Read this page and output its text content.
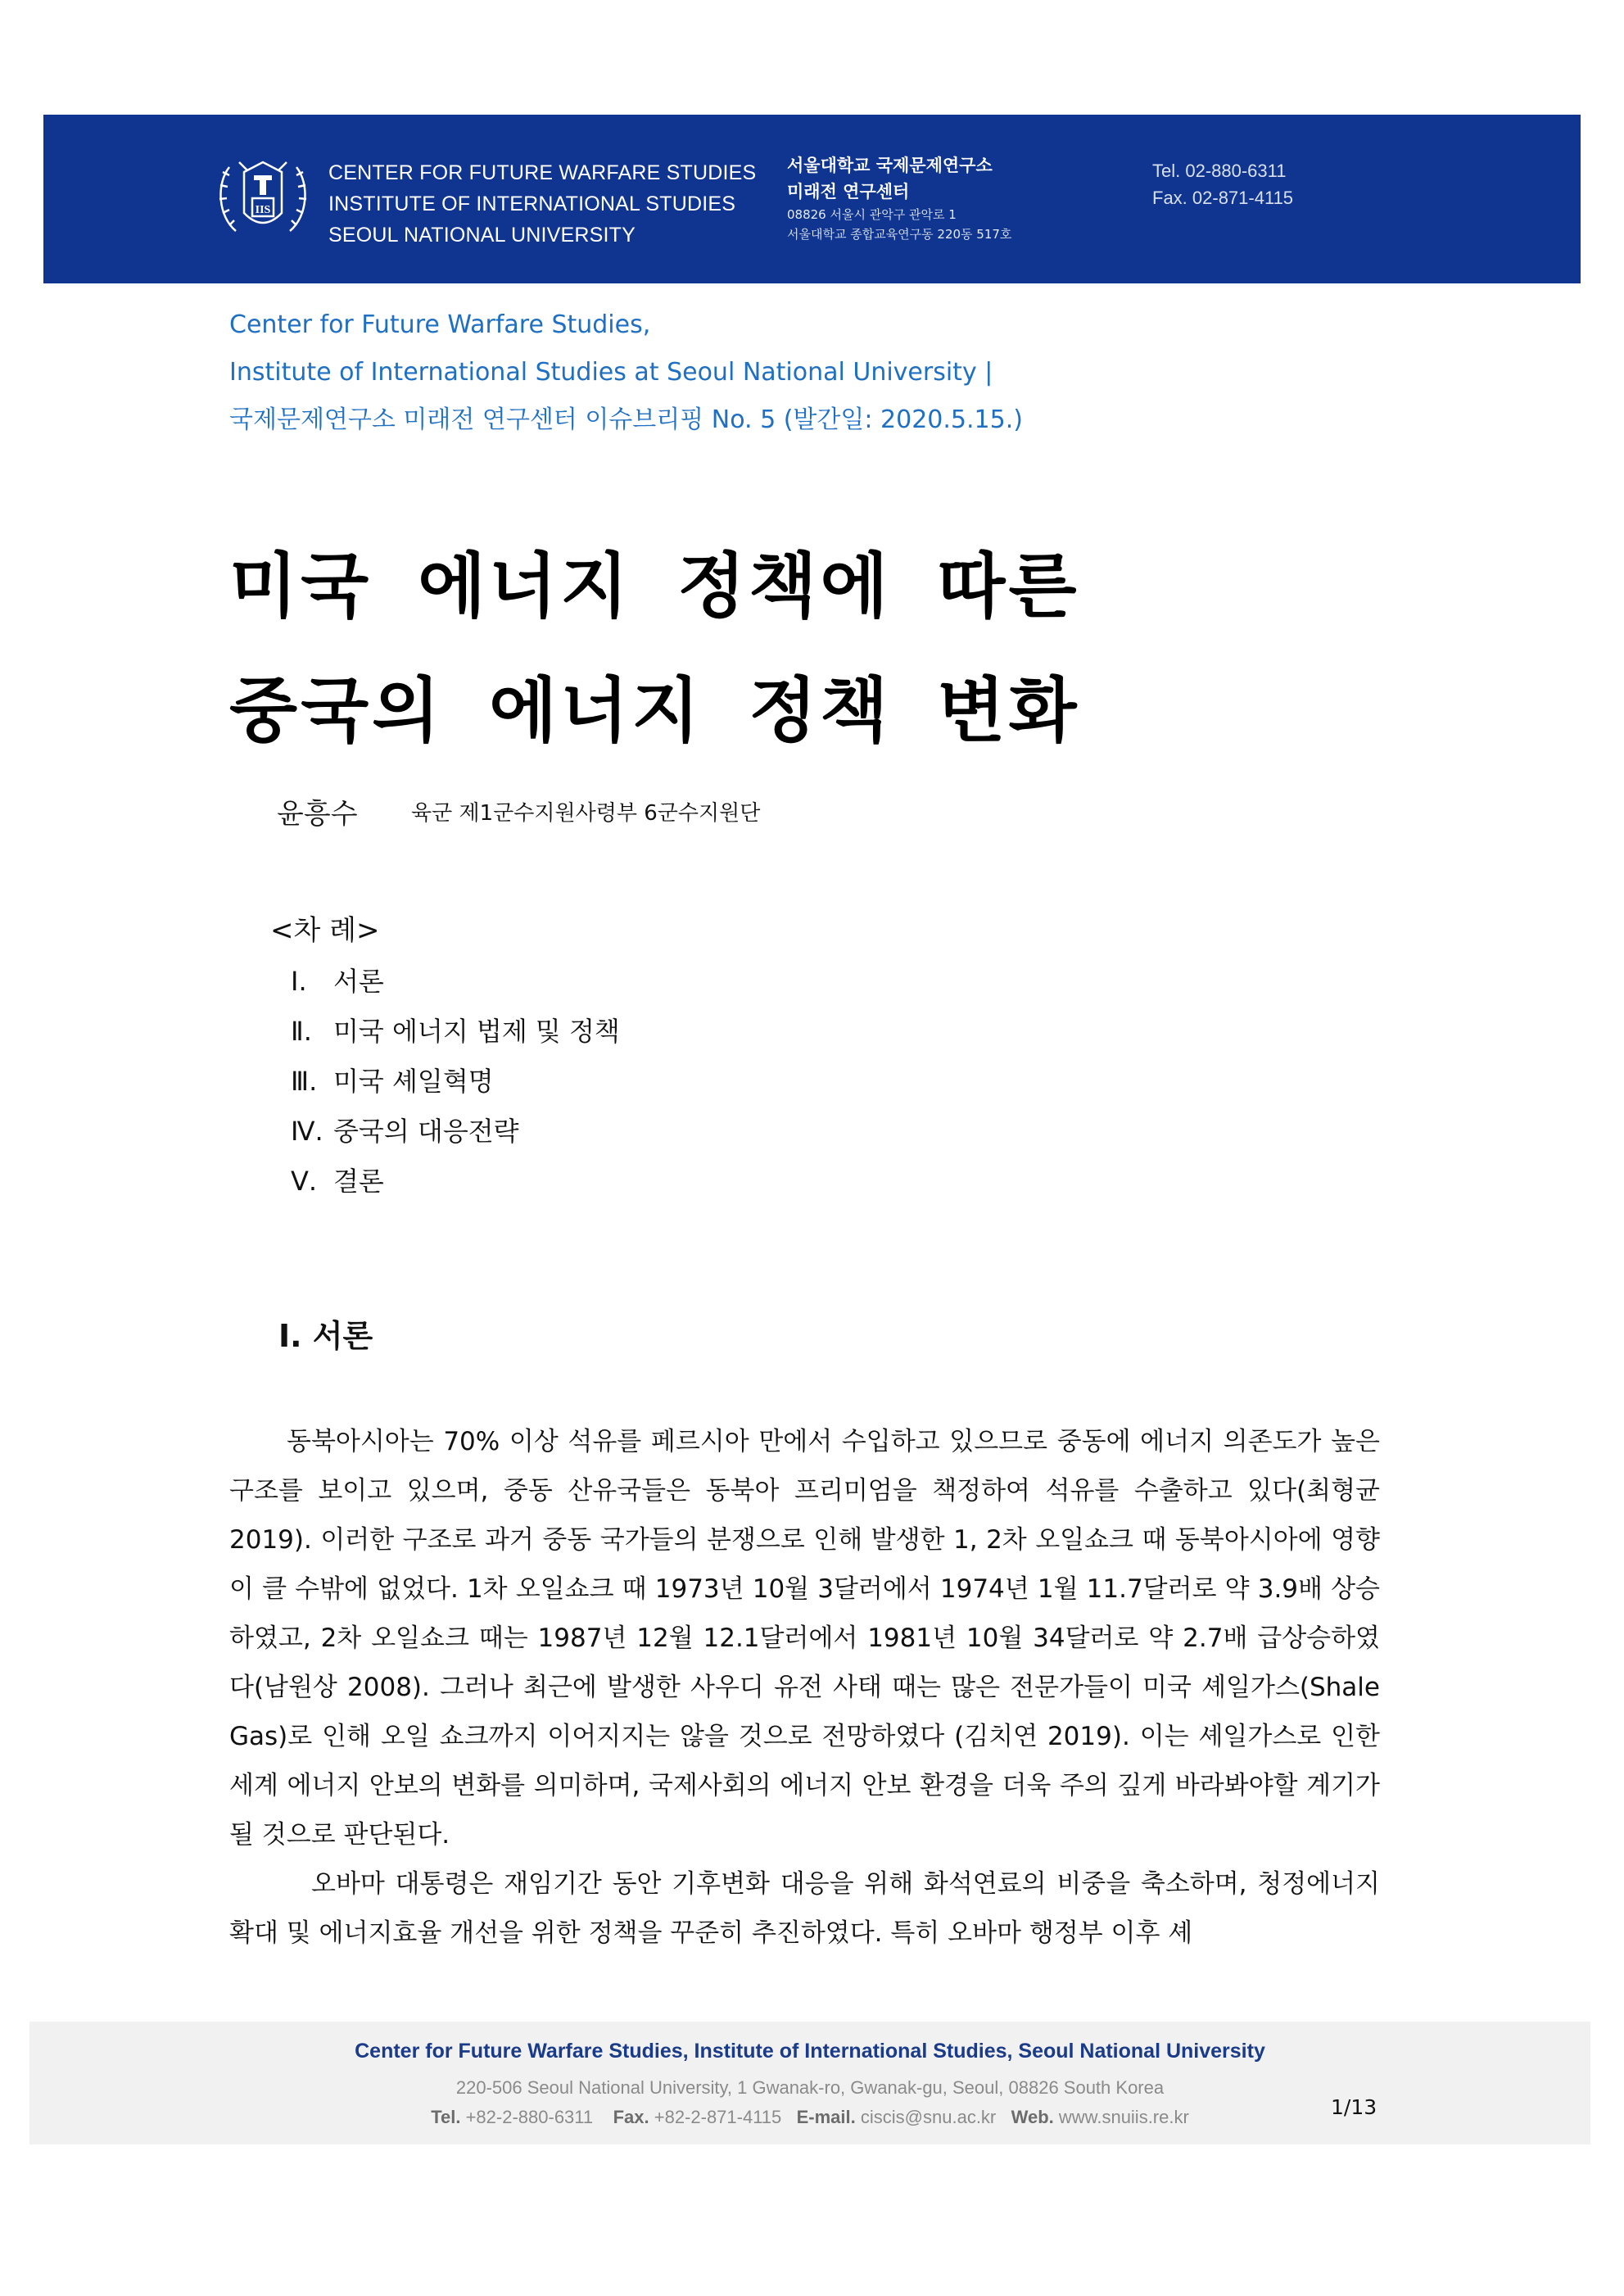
IIS
CENTER FOR FUTURE WARFARE STUDIES
INSTITUTE OF INTERNATIONAL STUDIES
SEOUL NATIONAL UNIVERSITY
서울대학교 국제문제연구소
미래전 연구센터
08826 서울시 관악구 관악로 1
서울대학교 종합교육연구동 220동 517호
Tel. 02-880-6311
Fax. 02-871-4115
Center for Future Warfare Studies,
Institute of International Studies at Seoul National University |
국제문제연구소 미래전 연구센터 이슈브리핑 No. 5 (발간일: 2020.5.15.)
미국 에너지 정책에 따른
중국의 에너지 정책 변화
윤흥수	육군 제1군수지원사령부 6군수지원단
<차 례>
Ⅰ. 서론
Ⅱ. 미국 에너지 법제 및 정책
Ⅲ. 미국 셰일혁명
Ⅳ. 중국의 대응전략
Ⅴ. 결론
Ⅰ. 서론

동북아시아는 70% 이상 석유를 페르시아 만에서 수입하고 있으므로 중동에 에너지 의존도가 높은 구조를 보이고 있으며, 중동 산유국들은 동북아 프리미엄을 책정하여 석유를 수출하고 있다(최형균 2019). 이러한 구조로 과거 중동 국가들의 분쟁으로 인해 발생한 1, 2차 오일쇼크 때 동북아시아에 영향이 클 수밖에 없었다. 1차 오일쇼크 때 1973년 10월 3달러에서 1974년 1월 11.7달러로 약 3.9배 상승하였고, 2차 오일쇼크 때는 1987년 12월 12.1달러에서 1981년 10월 34달러로 약 2.7배 급상승하였다(남원상 2008). 그러나 최근에 발생한 사우디 유전 사태 때는 많은 전문가들이 미국 셰일가스(Shale Gas)로 인해 오일 쇼크까지 이어지지는 않을 것으로 전망하였다 (김치연 2019). 이는 셰일가스로 인한 세계 에너지 안보의 변화를 의미하며, 국제사회의 에너지 안보 환경을 더욱 주의 깊게 바라봐야할 계기가 될 것으로 판단된다.

오바마 대통령은 재임기간 동안 기후변화 대응을 위해 화석연료의 비중을 축소하며, 청정에너지 확대 및 에너지효율 개선을 위한 정책을 꾸준히 추진하였다. 특히 오바마 행정부 이후 셰

Center for Future Warfare Studies, Institute of International Studies, Seoul National University
220-506 Seoul National University, 1 Gwanak-ro, Gwanak-gu, Seoul, 08826 South Korea
Tel. +82-2-880-6311 Fax. +82-2-871-4115 E-mail. ciscis@snu.ac.kr Web. www.snuiis.re.kr	1/13
